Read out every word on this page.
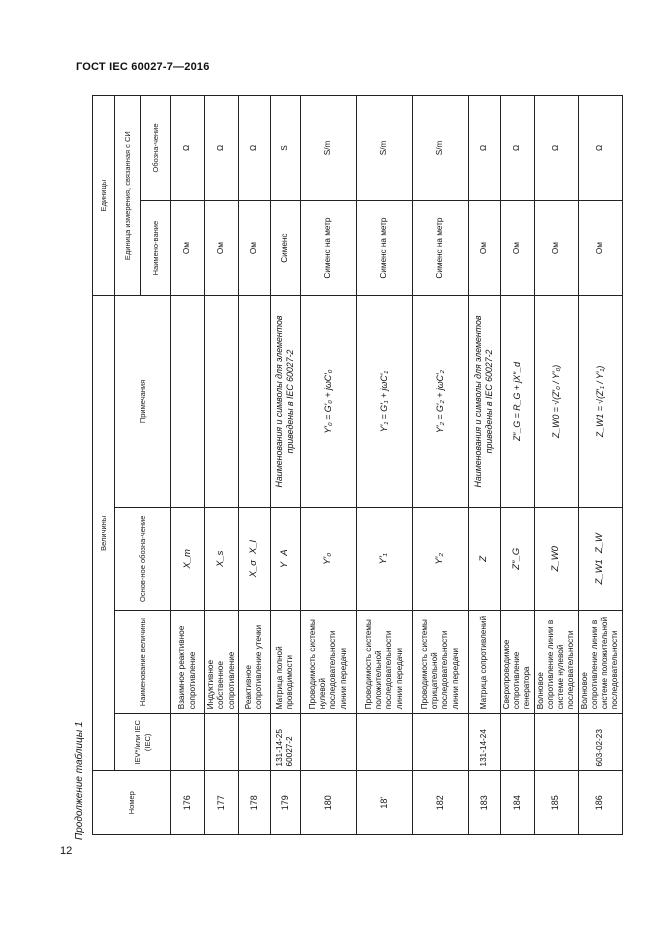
ГОСТ IEC 60027-7—2016
Продолжение таблицы 1
12
Номер	Величины				Единицы	
	IEV*/или IEC (IEC)	Наименование величины	Основ-ное обозна-чение	Примечания	Единица измерения, связанная с СИ	
					Наимено-вание	Обозна-чение
176		Взаимное реактивное сопротивление	X_m		Ом	Ω
177		Индуктивное собственное сопротивление	X_s		Ом	Ω
178		Реактивное сопротивление утечки	X_σX_l		Ом	Ω
179	131-14-25 60027-2	Матрица полной проводимости	YA	Наименования и символы для элементов приведены в IEC 60027-2	Сименс	S
180		Проводимость системы нулевой последовательности линии передачи	Y′₀	Y′₀ = G′₀ + jωC′₀	Сименс на метр	S/m
18'		Проводимость системы положительной последовательности линии передачи	Y′₁	Y′₁ = G′₁ + jωC′₁	Сименс на метр	S/m
182		Проводимость системы отрицательной последовательности линии передачи	Y′₂	Y′₂ = G′₂ + jωC′₂	Сименс на метр	S/m
183	131-14-24	Матрица сопротивлений	Z	Наименования и символы для элементов приведены в IEC 60027-2	Ом	Ω
184		Сверхпроводимое сопротивление генератора	Z″_G	Z″_G = R_G + jX″_d	Ом	Ω
185		Волновое сопротивление линии в системе нулевой последовательности	Z_W0	Z_W0 = √(Z′₀ / Y′₀)	Ом	Ω
186	603-02-23	Волновое сопротивление линии в системе положительной последовательности	Z_W1Z_W	Z_W1 = √(Z′₁ / Y′₁)	Ом	Ω
